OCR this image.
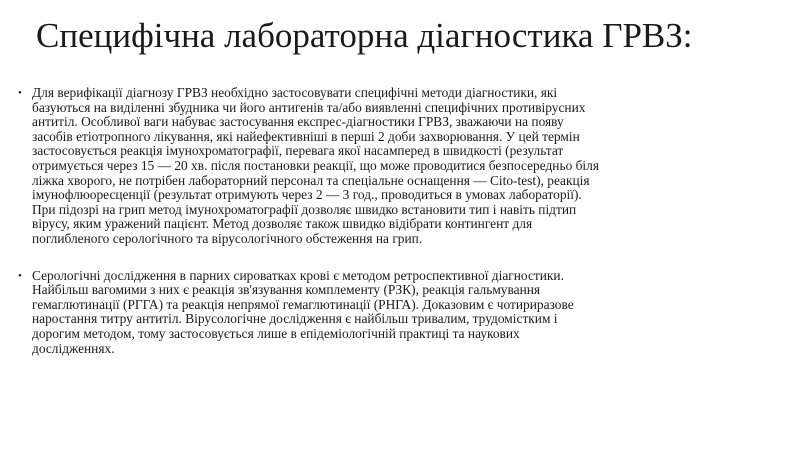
Специфічна лабораторна діагностика ГРВЗ:
• Для верифікації діагнозу ГРВЗ необхідно застосовувати специфічні методи діагностики, які
базуються на виділенні збудника чи його антигенів та/або виявленні специфічних противірусних
антитіл. Особливої ваги набуває застосування експрес-діагностики ГРВЗ, зважаючи на появу
засобів етіотропного лікування, які найефективніші в перші 2 доби захворювання. У цей термін
застосовується реакція імунохроматографії, перевага якої насамперед в швидкості (результат
отримується через 15 — 20 хв. після постановки реакції, що може проводитися безпосередньо біля
ліжка хворого, не потрібен лабораторний персонал та спеціальне оснащення — Cito-test), реакція
імунофлюоресценції (результат отримують через 2 — 3 год., проводиться в умовах лабораторії).
При підозрі на грип метод імунохроматографії дозволяє швидко встановити тип і навіть підтип
вірусу, яким уражений пацієнт. Метод дозволяє також швидко відібрати контингент для
поглибленого серологічного та вірусологічного обстеження на грип.
• Серологічні дослідження в парних сироватках крові є методом ретроспективної діагностики.
Найбільш вагомими з них є реакція зв'язування комплементу (РЗК), реакція гальмування
гемаглютинації (РГГА) та реакція непрямої гемаглютинації (РНГА). Доказовим є чотириразове
наростання титру антитіл. Вірусологічне дослідження є найбільш тривалим, трудомістким і
дорогим методом, тому застосовується лише в епідеміологічній практиці та наукових
дослідженнях.
